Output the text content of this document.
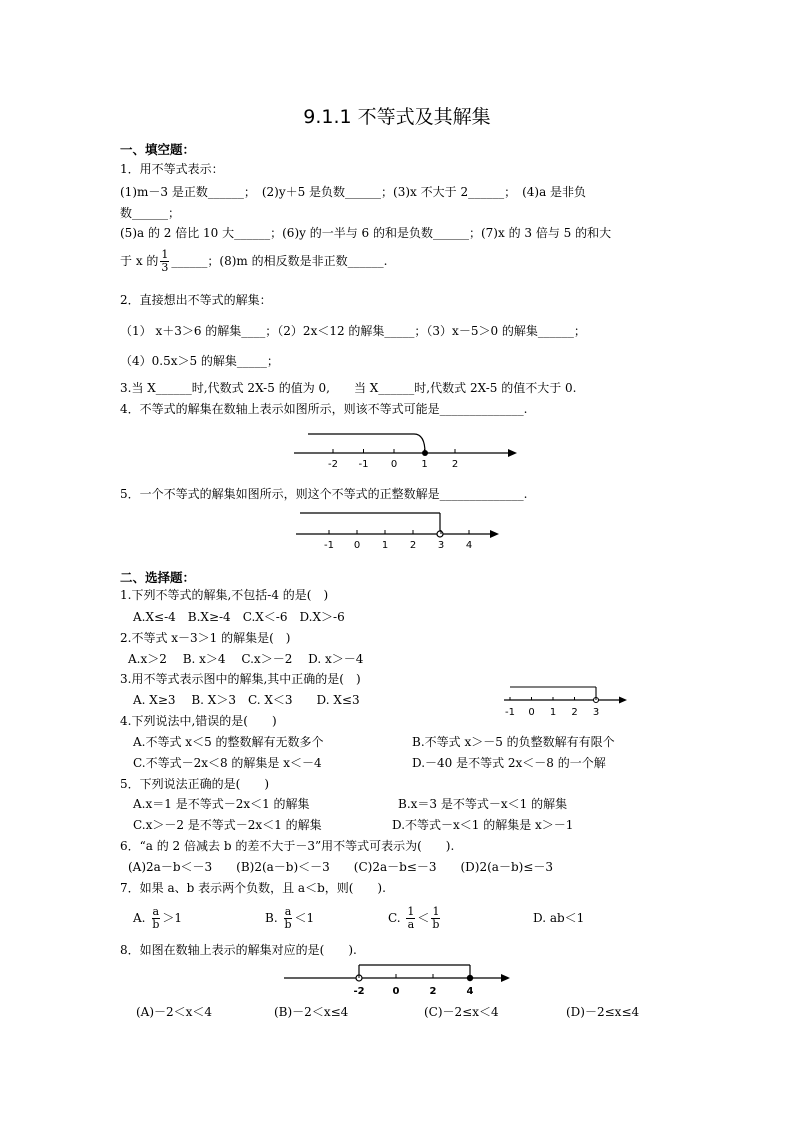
9.1.1 不等式及其解集
一、填空题：
1．用不等式表示：
(1)m－3 是正数______；　(2)y＋5 是负数______；(3)x 不大于 2______；　(4)a 是非负
数______；
(5)a 的 2 倍比 10 大______；(6)y 的一半与 6 的和是负数______；(7)x 的 3 倍与 5 的和大
于 x 的 $\frac{1}{3}$ ______；(8)m 的相反数是非正数______.
2．直接想出不等式的解集：
（1） x＋3＞6 的解集____；（2）2x＜12 的解集_____；（3）x－5＞0 的解集______；
（4）0.5x＞5 的解集_____；
3.当 X______时,代数式 2X-5 的值为 0,　　当 X______时,代数式 2X-5 的值不大于 0.
4．不等式的解集在数轴上表示如图所示，则该不等式可能是______________.
-2 -1 0 1 2
5．一个不等式的解集如图所示，则这个不等式的正整数解是______________.
-1 0 1 2 3 4
二、选择题：
1.下列不等式的解集,不包括-4 的是(　)
A.X≤-4　B.X≥-4　C.X＜-6　D.X＞-6
2.不等式 x－3＞1 的解集是(　)
A.x＞2　 B. x＞4　 C.x＞－2　 D. x＞－4
3.用不等式表示图中的解集,其中正确的是(　)
A. X≥3　 B. X＞3　C. X＜3　　D. X≤3
-1 0 1 2 3
4.下列说法中,错误的是(　　)
A.不等式 x＜5 的整数解有无数多个	B.不等式 x＞－5 的负整数解有有限个
C.不等式－2x＜8 的解集是 x＜－4	D.－40 是不等式 2x＜－8 的一个解
5．下列说法正确的是(　　)
A.x＝1 是不等式－2x＜1 的解集	B.x＝3 是不等式－x＜1 的解集
C.x＞－2 是不等式－2x＜1 的解集	D.不等式－x＜1 的解集是 x＞－1
6．“a 的 2 倍减去 b 的差不大于－3”用不等式可表示为(　　).
(A)2a－b＜－3　　(B)2(a－b)＜－3　　(C)2a－b≤－3　　(D)2(a－b)≤－3
7．如果 a、b 表示两个负数，且 a＜b，则(　　).
A. $\frac{a}{b} >1$	B. $\frac{a}{b} <1$	C. $\frac{1}{a} < \frac{1}{b}$	D. ab＜1
8．如图在数轴上表示的解集对应的是(　　).
-2	0	2	4
(A)－2＜x＜4	(B)－2＜x≤4	(C)－2≤x＜4	(D)－2≤x≤4
